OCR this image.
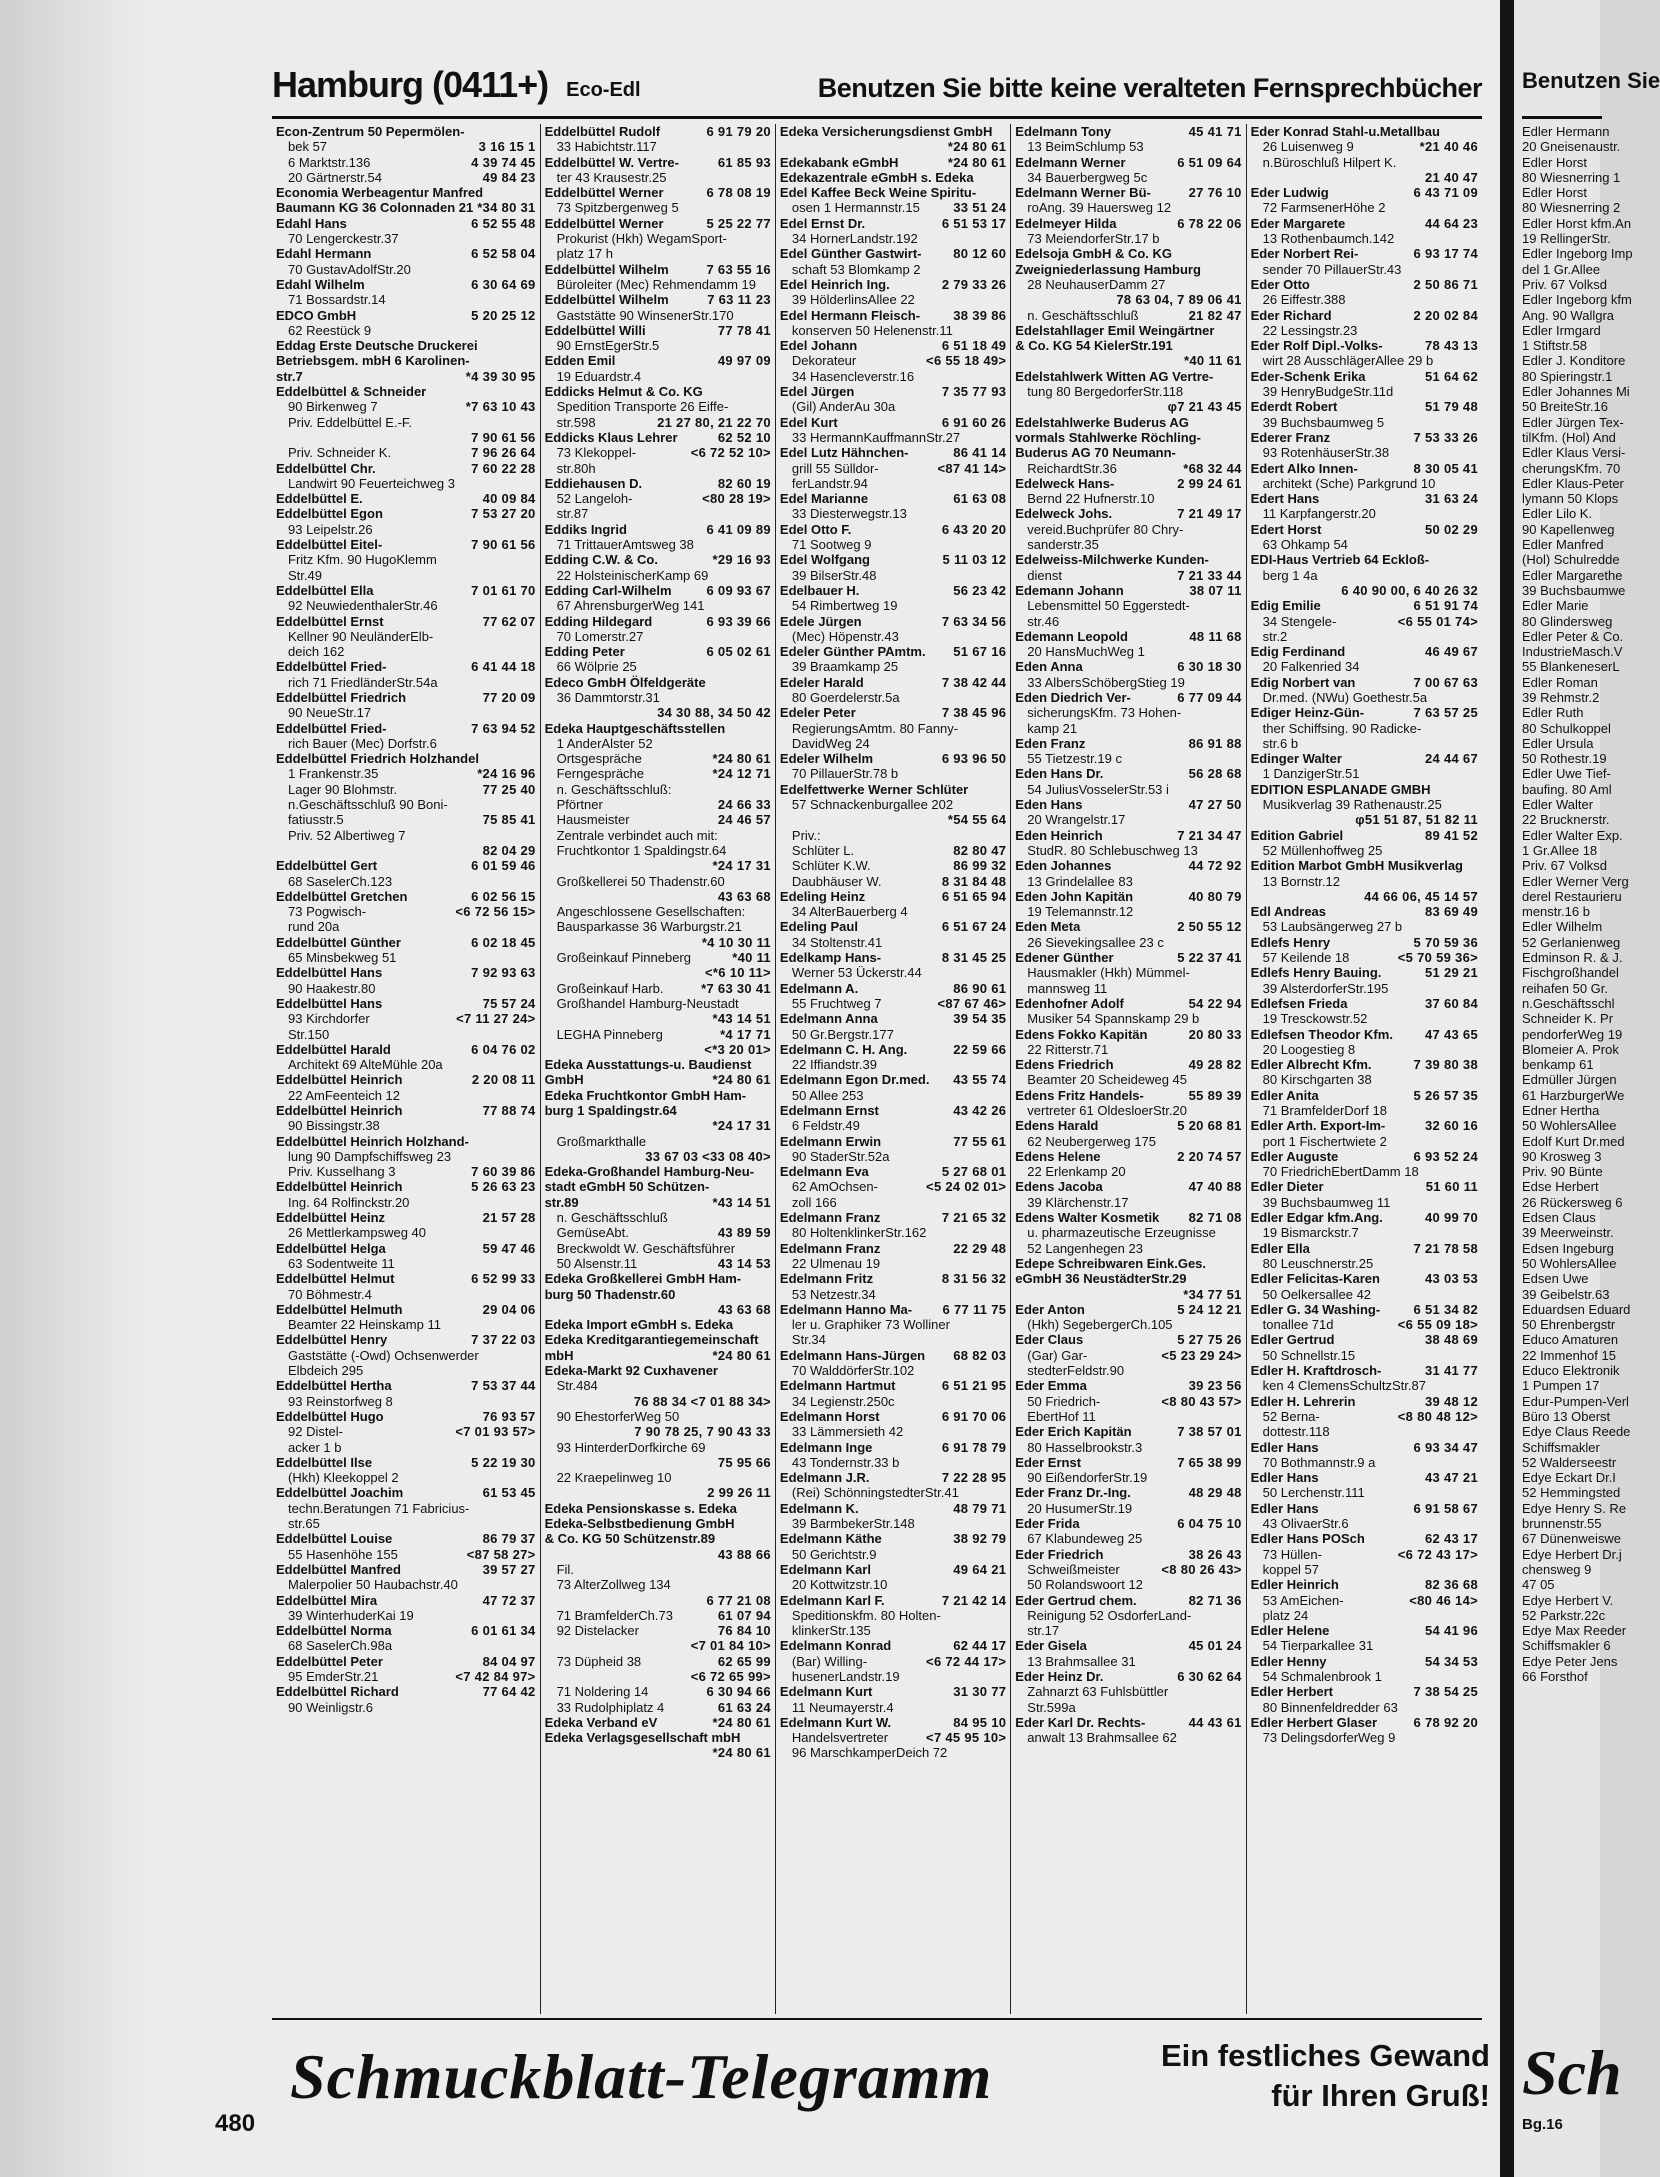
Hamburg (0411+) Eco-Edl	Benutzen Sie bitte keine veralteten Fernsprechbücher
Econ-Zentrum 50 Pepermölen-
bek 57	3 16 15 1
6 Marktstr.136	4 39 74 45
20 Gärtnerstr.54	49 84 23
Economia Werbeagentur Manfred
Baumann KG 36 Colonnaden 21 *34 80 31
Edahl Hans	6 52 55 48
70 Lengerckestr.37
Edahl Hermann	6 52 58 04
70 GustavAdolfStr.20
Edahl Wilhelm	6 30 64 69
71 Bossardstr.14
EDCO GmbH	5 20 25 12
62 Reestück 9
Eddag Erste Deutsche Druckerei
Betriebsgem. mbH 6 Karolinen-
str.7	*4 39 30 95
Eddelbüttel & Schneider
90 Birkenweg 7	*7 63 10 43
Priv. Eddelbüttel E.-F.
7 90 61 56
Priv. Schneider K.	7 96 26 64
Eddelbüttel Chr.	7 60 22 28
Landwirt 90 Feuerteichweg 3
Eddelbüttel E.	40 09 84
Eddelbüttel Egon	7 53 27 20
93 Leipelstr.26
Eddelbüttel Eitel-	7 90 61 56
Fritz Kfm. 90 HugoKlemm
Str.49
Eddelbüttel Ella	7 01 61 70
92 NeuwiedenthalerStr.46
Eddelbüttel Ernst	77 62 07
Kellner 90 NeuländerElb-
deich 162
Eddelbüttel Fried-	6 41 44 18
rich 71 FriedländerStr.54a
Eddelbüttel Friedrich	77 20 09
90 NeueStr.17
Eddelbüttel Fried-	7 63 94 52
rich Bauer (Mec) Dorfstr.6
Eddelbüttel Friedrich Holzhandel
1 Frankenstr.35	*24 16 96
Lager 90 Blohmstr.	77 25 40
n.Geschäftsschluß 90 Boni-
fatiusstr.5	75 85 41
Priv. 52 Albertiweg 7
82 04 29
Eddelbüttel Gert	6 01 59 46
68 SaselerCh.123
Eddelbüttel Gretchen	6 02 56 15
73 Pogwisch-	<6 72 56 15>
rund 20a
Eddelbüttel Günther	6 02 18 45
65 Minsbekweg 51
Eddelbüttel Hans	7 92 93 63
90 Haakestr.80
Eddelbüttel Hans	75 57 24
93 Kirchdorfer	<7 11 27 24>
Str.150
Eddelbüttel Harald	6 04 76 02
Architekt 69 AlteMühle 20a
Eddelbüttel Heinrich	2 20 08 11
22 AmFeenteich 12
Eddelbüttel Heinrich	77 88 74
90 Bissingstr.38
Eddelbüttel Heinrich Holzhand-
lung 90 Dampfschiffsweg 23
Priv. Kusselhang 3	7 60 39 86
Eddelbüttel Heinrich	5 26 63 23
Ing. 64 Rolfinckstr.20
Eddelbüttel Heinz	21 57 28
26 Mettlerkampsweg 40
Eddelbüttel Helga	59 47 46
63 Sodentweite 11
Eddelbüttel Helmut	6 52 99 33
70 Böhmestr.4
Eddelbüttel Helmuth	29 04 06
Beamter 22 Heinskamp 11
Eddelbüttel Henry	7 37 22 03
Gaststätte (-Owd) Ochsenwerder
Elbdeich 295
Eddelbüttel Hertha	7 53 37 44
93 Reinstorfweg 8
Eddelbüttel Hugo	76 93 57
92 Distel-	<7 01 93 57>
acker 1 b
Eddelbüttel Ilse	5 22 19 30
(Hkh) Kleekoppel 2
Eddelbüttel Joachim	61 53 45
techn.Beratungen 71 Fabricius-
str.65
Eddelbüttel Louise	86 79 37
55 Hasenhöhe 155	<87 58 27>
Eddelbüttel Manfred	39 57 27
Malerpolier 50 Haubachstr.40
Eddelbüttel Mira	47 72 37
39 WinterhuderKai 19
Eddelbüttel Norma	6 01 61 34
68 SaselerCh.98a
Eddelbüttel Peter	84 04 97
95 EmderStr.21	<7 42 84 97>
Eddelbüttel Richard	77 64 42
90 Weinligstr.6
Eddelbüttel Rudolf	6 91 79 20
33 Habichtstr.117
Eddelbüttel W. Vertre-	61 85 93
ter 43 Krausestr.25
Eddelbüttel Werner	6 78 08 19
73 Spitzbergenweg 5
Eddelbüttel Werner	5 25 22 77
Prokurist (Hkh) WegamSport-
platz 17 h
Eddelbüttel Wilhelm	7 63 55 16
Büroleiter (Mec) Rehmendamm 19
Eddelbüttel Wilhelm	7 63 11 23
Gaststätte 90 WinsenerStr.170
Eddelbüttel Willi	77 78 41
90 ErnstEgerStr.5
Edden Emil	49 97 09
19 Eduardstr.4
Eddicks Helmut & Co. KG
Spedition Transporte 26 Eiffe-
str.598	21 27 80, 21 22 70
Eddicks Klaus Lehrer	62 52 10
73 Klekoppel-	<6 72 52 10>
str.80h
Eddiehausen D.	82 60 19
52 Langeloh-	<80 28 19>
str.87
Eddiks Ingrid	6 41 09 89
71 TrittauerAmtsweg 38
Edding C.W. & Co.	*29 16 93
22 HolsteinischerKamp 69
Edding Carl-Wilhelm	6 09 93 67
67 AhrensburgerWeg 141
Edding Hildegard	6 93 39 66
70 Lomerstr.27
Edding Peter	6 05 02 61
66 Wölprie 25
Edeco GmbH Ölfeldgeräte
36 Dammtorstr.31
34 30 88, 34 50 42
Edeka Hauptgeschäftsstellen
1 AnderAlster 52
Ortsgespräche	*24 80 61
Ferngespräche	*24 12 71
n. Geschäftsschluß:
Pförtner	24 66 33
Hausmeister	24 46 57
Zentrale verbindet auch mit:
Fruchtkontor 1 Spaldingstr.64
*24 17 31
Großkellerei 50 Thadenstr.60
43 63 68
Angeschlossene Gesellschaften:
Bausparkasse 36 Warburgstr.21
*4 10 30 11
Großeinkauf Pinneberg	*40 11
<*6 10 11>
Großeinkauf Harb.	*7 63 30 41
Großhandel Hamburg-Neustadt
*43 14 51
LEGHA Pinneberg	*4 17 71
<*3 20 01>
Edeka Ausstattungs-u. Baudienst
GmbH	*24 80 61
Edeka Fruchtkontor GmbH Ham-
burg 1 Spaldingstr.64
*24 17 31
Großmarkthalle
33 67 03 <33 08 40>
Edeka-Großhandel Hamburg-Neu-
stadt eGmbH 50 Schützen-
str.89	*43 14 51
n. Geschäftsschluß
GemüseAbt.	43 89 59
Breckwoldt W. Geschäftsführer
50 Alsenstr.11	43 14 53
Edeka Großkellerei GmbH Ham-
burg 50 Thadenstr.60
43 63 68
Edeka Import eGmbH s. Edeka
Edeka Kreditgarantiegemeinschaft
mbH	*24 80 61
Edeka-Markt 92 Cuxhavener
Str.484
76 88 34 <7 01 88 34>
90 EhestorferWeg 50
7 90 78 25, 7 90 43 33
93 HinterderDorfkirche 69
75 95 66
22 Kraepelinweg 10
2 99 26 11
Edeka Pensionskasse s. Edeka
Edeka-Selbstbedienung GmbH
& Co. KG 50 Schützenstr.89
43 88 66
Fil.
73 AlterZollweg 134
6 77 21 08
71 BramfelderCh.73	61 07 94
92 Distelacker	76 84 10
<7 01 84 10>
73 Düpheid 38	62 65 99
<6 72 65 99>
71 Noldering 14	6 30 94 66
33 Rudolphiplatz 4	61 63 24
Edeka Verband eV	*24 80 61
Edeka Verlagsgesellschaft mbH
*24 80 61
Edeka Versicherungsdienst GmbH
*24 80 61
Edekabank eGmbH	*24 80 61
Edekazentrale eGmbH s. Edeka
Edel Kaffee Beck Weine Spiritu-
osen 1 Hermannstr.15	33 51 24
Edel Ernst Dr.	6 51 53 17
34 HornerLandstr.192
Edel Günther Gastwirt- 80 12 60
schaft 53 Blomkamp 2
Edel Heinrich Ing.	2 79 33 26
39 HölderlinsAllee 22
Edel Hermann Fleisch-	38 39 86
konserven 50 Helenenstr.11
Edel Johann	6 51 18 49
Dekorateur	<6 55 18 49>
34 Hasencleverstr.16
Edel Jürgen	7 35 77 93
(Gil) AnderAu 30a
Edel Kurt	6 91 60 26
33 HermannKauffmannStr.27
Edel Lutz Hähnchen-	86 41 14
grill 55 Sülldor-	<87 41 14>
ferLandstr.94
Edel Marianne	61 63 08
33 Diesterwegstr.13
Edel Otto F.	6 43 20 20
71 Sootweg 9
Edel Wolfgang	5 11 03 12
39 BilserStr.48
Edelbauer H.	56 23 42
54 Rimbertweg 19
Edele Jürgen	7 63 34 56
(Mec) Höpenstr.43
Edeler Günther PAmtm. 51 67 16
39 Braamkamp 25
Edeler Harald	7 38 42 44
80 Goerdelerstr.5a
Edeler Peter	7 38 45 96
RegierungsAmtm. 80 Fanny-
DavidWeg 24
Edeler Wilhelm	6 93 96 50
70 PillauerStr.78 b
Edelfettwerke Werner Schlüter
57 Schnackenburgallee 202
*54 55 64
Priv.:
Schlüter L.	82 80 47
Schlüter K.W.	86 99 32
Daubhäuser W.	8 31 84 48
Edeling Heinz	6 51 65 94
34 AlterBauerberg 4
Edeling Paul	6 51 67 24
34 Stoltenstr.41
Edelkamp Hans-	8 31 45 25
Werner 53 Ückerstr.44
Edelmann A.	86 90 61
55 Fruchtweg 7	<87 67 46>
Edelmann Anna	39 54 35
50 Gr.Bergstr.177
Edelmann C. H. Ang.	22 59 66
22 Iffiandstr.39
Edelmann Egon Dr.med. 43 55 74
50 Allee 253
Edelmann Ernst	43 42 26
6 Feldstr.49
Edelmann Erwin	77 55 61
90 StaderStr.52a
Edelmann Eva	5 27 68 01
62 AmOchsen-	<5 24 02 01>
zoll 166
Edelmann Franz	7 21 65 32
80 HoltenklinkerStr.162
Edelmann Franz	22 29 48
22 Ulmenau 19
Edelmann Fritz	8 31 56 32
53 Netzestr.34
Edelmann Hanno Ma- 6 77 11 75
ler u. Graphiker 73 Wolliner
Str.34
Edelmann Hans-Jürgen 68 82 03
70 WalddörferStr.102
Edelmann Hartmut	6 51 21 95
34 Legienstr.250c
Edelmann Horst	6 91 70 06
33 Lämmersieth 42
Edelmann Inge	6 91 78 79
43 Tondernstr.33 b
Edelmann J.R.	7 22 28 95
(Rei) SchönningstedterStr.41
Edelmann K.	48 79 71
39 BarmbekerStr.148
Edelmann Käthe	38 92 79
50 Gerichtstr.9
Edelmann Karl	49 64 21
20 Kottwitzstr.10
Edelmann Karl F.	7 21 42 14
Speditionskfm. 80 Holten-
klinkerStr.135
Edelmann Konrad	62 44 17
(Bar) Willing-	<6 72 44 17>
husenerLandstr.19
Edelmann Kurt	31 30 77
11 Neumayerstr.4
Edelmann Kurt W.	84 95 10
Handelsvertreter	<7 45 95 10>
96 MarschkamperDeich 72
Edelmann Tony	45 41 71
13 BeimSchlump 53
Edelmann Werner	6 51 09 64
34 Bauerbergweg 5c
Edelmann Werner Bü-	27 76 10
roAng. 39 Hauersweg 12
Edelmeyer Hilda	6 78 22 06
73 MeiendorferStr.17 b
Edelsoja GmbH & Co. KG
Zweigniederlassung Hamburg
28 NeuhauserDamm 27
78 63 04, 7 89 06 41
n. Geschäftsschluß	21 82 47
Edelstahllager Emil Weingärtner
& Co. KG 54 KielerStr.191
*40 11 61
Edelstahlwerk Witten AG Vertre-
tung 80 BergedorferStr.118
φ7 21 43 45
Edelstahlwerke Buderus AG
vormals Stahlwerke Röchling-
Buderus AG 70 Neumann-
ReichardtStr.36	*68 32 44
Edelweck Hans-	2 99 24 61
Bernd 22 Hufnerstr.10
Edelweck Johs.	7 21 49 17
vereid.Buchprüfer 80 Chry-
sanderstr.35
Edelweiss-Milchwerke Kunden-
dienst	7 21 33 44
Edemann Johann	38 07 11
Lebensmittel 50 Eggerstedt-
str.46
Edemann Leopold	48 11 68
20 HansMuchWeg 1
Eden Anna	6 30 18 30
33 AlbersSchöbergStieg 19
Eden Diedrich Ver-	6 77 09 44
sicherungsKfm. 73 Hohen-
kamp 21
Eden Franz	86 91 88
55 Tietzestr.19 c
Eden Hans Dr.	56 28 68
54 JuliusVosselerStr.53 i
Eden Hans	47 27 50
20 Wrangelstr.17
Eden Heinrich	7 21 34 47
StudR. 80 Schlebuschweg 13
Eden Johannes	44 72 92
13 Grindelallee 83
Eden John Kapitän	40 80 79
19 Telemannstr.12
Eden Meta	2 50 55 12
26 Sievekingsallee 23 c
Edener Günther	5 22 37 41
Hausmakler (Hkh) Mümmel-
mannsweg 11
Edenhofner Adolf	54 22 94
Musiker 54 Spannskamp 29 b
Edens Fokko Kapitän	20 80 33
22 Ritterstr.71
Edens Friedrich	49 28 82
Beamter 20 Scheideweg 45
Edens Fritz Handels-	55 89 39
vertreter 61 OldesloerStr.20
Edens Harald	5 20 68 81
62 Neubergerweg 175
Edens Helene	2 20 74 57
22 Erlenkamp 20
Edens Jacoba	47 40 88
39 Klärchenstr.17
Edens Walter Kosmetik 82 71 08
u. pharmazeutische Erzeugnisse
52 Langenhegen 23
Edepe Schreibwaren Eink.Ges.
eGmbH 36 NeustädterStr.29
*34 77 51
Eder Anton	5 24 12 21
(Hkh) SegebergerCh.105
Eder Claus	5 27 75 26
(Gar) Gar-	<5 23 29 24>
stedterFeldstr.90
Eder Emma	39 23 56
50 Friedrich-	<8 80 43 57>
EbertHof 11
Eder Erich Kapitän	7 38 57 01
80 Hasselbrookstr.3
Eder Ernst	7 65 38 99
90 EißendorferStr.19
Eder Franz Dr.-Ing.	48 29 48
20 HusumerStr.19
Eder Frida	6 04 75 10
67 Klabundeweg 25
Eder Friedrich	38 26 43
Schweißmeister	<8 80 26 43>
50 Rolandswoort 12
Eder Gertrud chem.	82 71 36
Reinigung 52 OsdorferLand-
str.17
Eder Gisela	45 01 24
13 Brahmsallee 31
Eder Heinz Dr.	6 30 62 64
Zahnarzt 63 Fuhlsbüttler
Str.599a
Eder Karl Dr. Rechts-	44 43 61
anwalt 13 Brahmsallee 62
Eder Konrad Stahl-u.Metallbau
26 Luisenweg 9	*21 40 46
n.Büroschluß Hilpert K.
21 40 47
Eder Ludwig	6 43 71 09
72 FarmsenerHöhe 2
Eder Margarete	44 64 23
13 Rothenbaumch.142
Eder Norbert Rei-	6 93 17 74
sender 70 PillauerStr.43
Eder Otto	2 50 86 71
26 Eiffestr.388
Eder Richard	2 20 02 84
22 Lessingstr.23
Eder Rolf Dipl.-Volks-	78 43 13
wirt 28 AusschlägerAllee 29 b
Eder-Schenk Erika	51 64 62
39 HenryBudgeStr.11d
Ederdt Robert	51 79 48
39 Buchsbaumweg 5
Ederer Franz	7 53 33 26
93 RotenhäuserStr.38
Edert Alko Innen-	8 30 05 41
architekt (Sche) Parkgrund 10
Edert Hans	31 63 24
11 Karpfangerstr.20
Edert Horst	50 02 29
63 Ohkamp 54
EDI-Haus Vertrieb 64 Eckloß-
berg 1 4a
6 40 90 00, 6 40 26 32
Edig Emilie	6 51 91 74
34 Stengele-	<6 55 01 74>
str.2
Edig Ferdinand	46 49 67
20 Falkenried 34
Edig Norbert van	7 00 67 63
Dr.med. (NWu) Goethestr.5a
Ediger Heinz-Gün-	7 63 57 25
ther Schiffsing. 90 Radicke-
str.6 b
Edinger Walter	24 44 67
1 DanzigerStr.51
EDITION ESPLANADE GMBH
Musikverlag 39 Rathenaustr.25
φ51 51 87, 51 82 11
Edition Gabriel	89 41 52
52 Müllenhoffweg 25
Edition Marbot GmbH Musikverlag
13 Bornstr.12
44 66 06, 45 14 57
Edl Andreas	83 69 49
53 Laubsängerweg 27 b
Edlefs Henry	5 70 59 36
57 Keilende 18	<5 70 59 36>
Edlefs Henry Bauing.	51 29 21
39 AlsterdorferStr.195
Edlefsen Frieda	37 60 84
19 Tresckowstr.52
Edlefsen Theodor Kfm. 47 43 65
20 Loogestieg 8
Edler Albrecht Kfm.	7 39 80 38
80 Kirschgarten 38
Edler Anita	5 26 57 35
71 BramfelderDorf 18
Edler Arth. Export-Im-	32 60 16
port 1 Fischertwiete 2
Edler Auguste	6 93 52 24
70 FriedrichEbertDamm 18
Edler Dieter	51 60 11
39 Buchsbaumweg 11
Edler Edgar kfm.Ang.	40 99 70
19 Bismarckstr.7
Edler Ella	7 21 78 58
80 Leuschnerstr.25
Edler Felicitas-Karen	43 03 53
50 Oelkersallee 42
Edler G. 34 Washing-	6 51 34 82
tonallee 71d	<6 55 09 18>
Edler Gertrud	38 48 69
50 Schnellstr.15
Edler H. Kraftdrosch-	31 41 77
ken 4 ClemensSchultzStr.87
Edler H. Lehrerin	39 48 12
52 Berna-	<8 80 48 12>
dottestr.118
Edler Hans	6 93 34 47
70 Bothmannstr.9 a
Edler Hans	43 47 21
50 Lerchenstr.111
Edler Hans	6 91 58 67
43 OlivaerStr.6
Edler Hans POSch	62 43 17
73 Hüllen-	<6 72 43 17>
koppel 57
Edler Heinrich	82 36 68
53 AmEichen-	<80 46 14>
platz 24
Edler Helene	54 41 96
54 Tierparkallee 31
Edler Henny	54 34 53
54 Schmalenbrook 1
Edler Herbert	7 38 54 25
80 Binnenfeldredder 63
Edler Herbert Glaser	6 78 92 20
73 DelingsdorferWeg 9
Schmuckblatt-Telegramm	Ein festliches Gewand
für Ihren Gruß!
480
Benutzen Sie
Edler Hermann
20 Gneisenaustr.
Edler Horst
80 Wiesnerring 1
Edler Horst
80 Wiesnerring 2
Edler Horst kfm.An
19 RellingerStr.
Edler Ingeborg Imp
del 1 Gr.Allee
Priv. 67 Volksd
Edler Ingeborg kfm
Ang. 90 Wallgra
Edler Irmgard
1 Stiftstr.58
Edler J. Konditore
80 Spieringstr.1
Edler Johannes Mi
50 BreiteStr.16
Edler Jürgen Tex-
tilKfm. (Hol) And
Edler Klaus Versi-
cherungsKfm. 70
Edler Klaus-Peter
lymann 50 Klops
Edler Lilo K.
90 Kapellenweg
Edler Manfred
(Hol) Schulredde
Edler Margarethe
39 Buchsbaumwe
Edler Marie
80 Glindersweg
Edler Peter & Co.
IndustrieMasch.V
55 BlankeneserL
Edler Roman
39 Rehmstr.2
Edler Ruth
80 Schulkoppel
Edler Ursula
50 Rothestr.19
Edler Uwe Tief-
baufing. 80 Aml
Edler Walter
22 Brucknerstr.
Edler Walter Exp.
1 Gr.Allee 18
Priv. 67 Volksd
Edler Werner Verg
derel Restaurieru
menstr.16 b
Edler Wilhelm
52 Gerlanienweg
Edminson R. & J.
Fischgroßhandel
reihafen 50 Gr.
n.Geschäftsschl
Schneider K. Pr
pendorferWeg 19
Blomeier A. Prok
benkamp 61
Edmüller Jürgen
61 HarzburgerWe
Edner Hertha
50 WohlersAllee
Edolf Kurt Dr.med
90 Krosweg 3
Priv. 90 Bünte
Edse Herbert
26 Rückersweg 6
Edsen Claus
39 Meerweinstr.
Edsen Ingeburg
50 WohlersAllee
Edsen Uwe
39 Geibelstr.63
Eduardsen Eduard
50 Ehrenbergstr
Educo Amaturen
22 Immenhof 15
Educo Elektronik
1 Pumpen 17
Edur-Pumpen-Verl
Büro 13 Oberst
Edye Claus Reede
Schiffsmakler
52 Walderseestr
Edye Eckart Dr.I
52 Hemmingsted
Edye Henry S. Re
brunnenstr.55
67 Dünenweiswe
Edye Herbert Dr.j
chensweg 9
47 05
Edye Herbert V.
52 Parkstr.22c
Edye Max Reeder
Schiffsmakler 6
Edye Peter Jens
66 Forsthof
Sch
Bg.16
